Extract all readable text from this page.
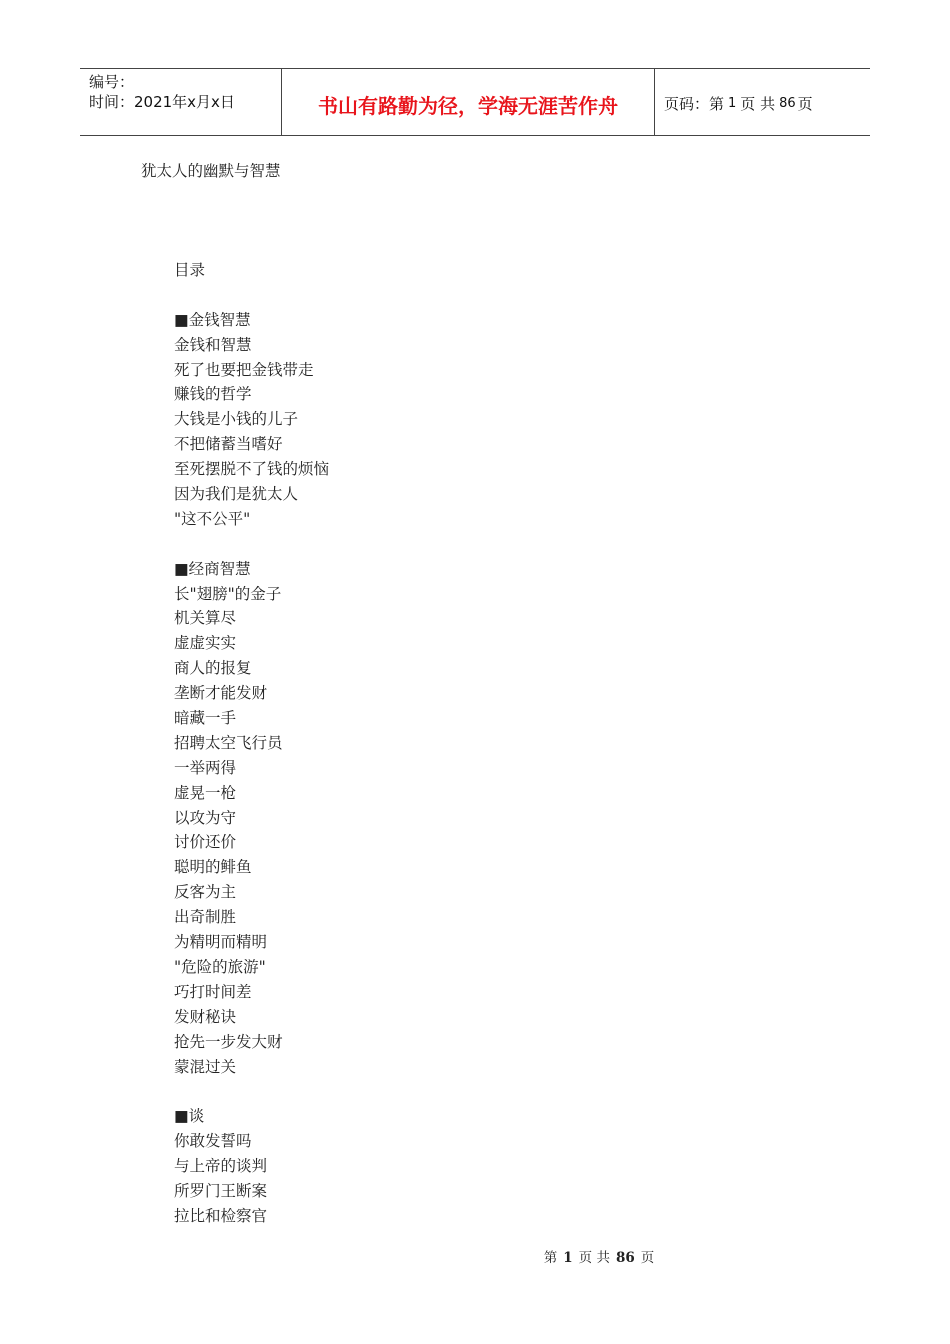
编号：
时间：2021年x月x日	书山有路勤为径，学海无涯苦作舟	页码：第 1 页 共 86 页
犹太人的幽默与智慧
目录
■金钱智慧
金钱和智慧
死了也要把金钱带走
赚钱的哲学
大钱是小钱的儿子
不把储蓄当嗜好
至死摆脱不了钱的烦恼
因为我们是犹太人
"这不公平"
■经商智慧
长"翅膀"的金子
机关算尽
虚虚实实
商人的报复
垄断才能发财
暗藏一手
招聘太空飞行员
一举两得
虚晃一枪
以攻为守
讨价还价
聪明的鲱鱼
反客为主
出奇制胜
为精明而精明
"危险的旅游"
巧打时间差
发财秘诀
抢先一步发大财
蒙混过关
■谈
你敢发誓吗
与上帝的谈判
所罗门王断案
拉比和检察官
第 1 页 共 86 页
